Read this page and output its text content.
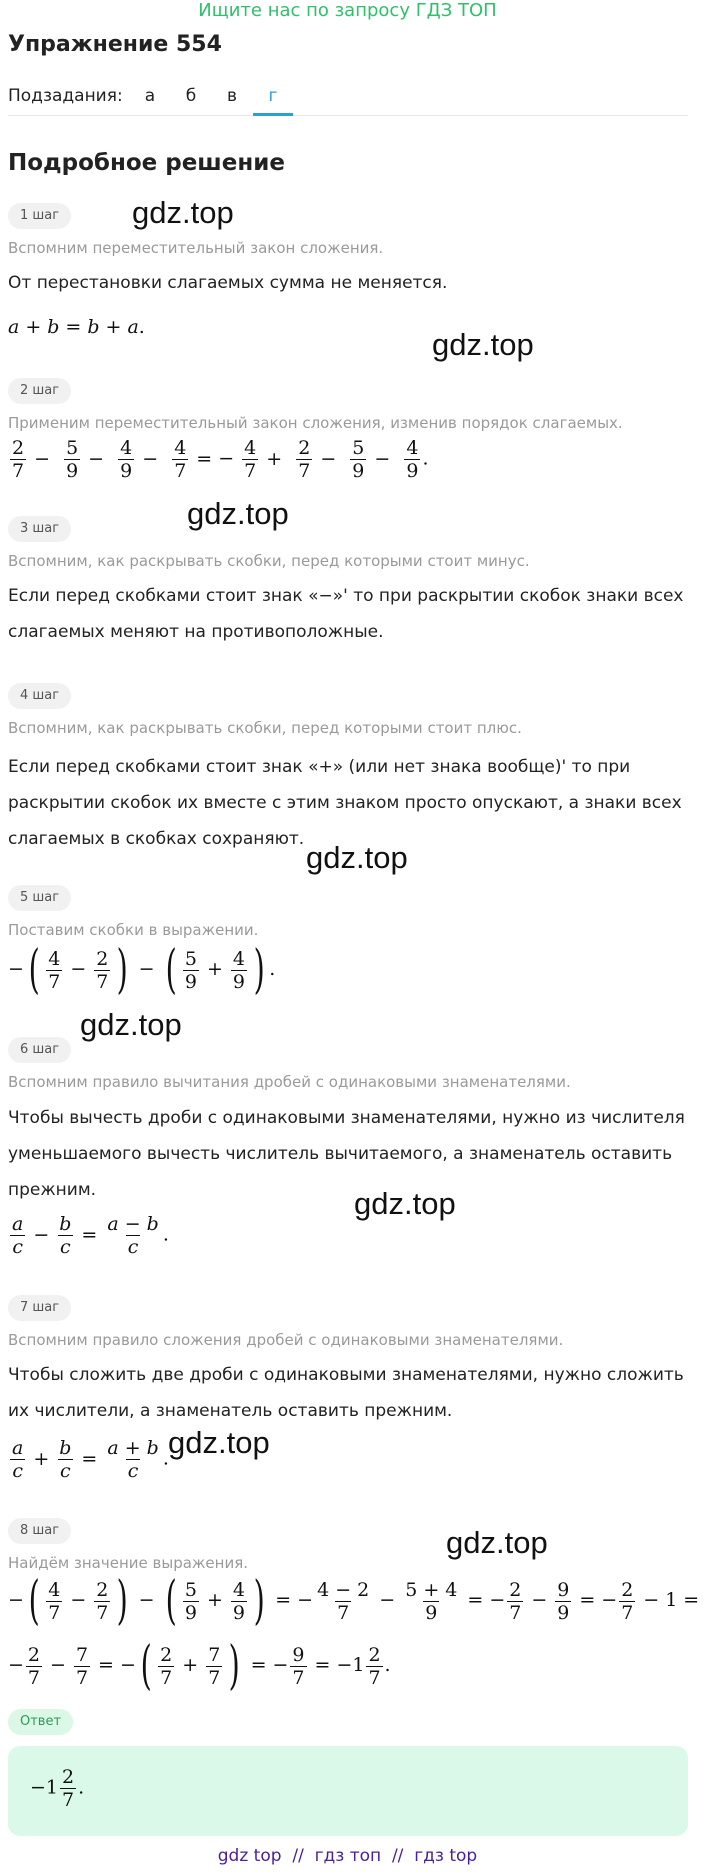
Ищите нас по запросу ГДЗ ТОП
Упражнение 554
Подзадания:	а	б	в	г
Подробное решение
1 шаг
Вспомним переместительный закон сложения.
От перестановки слагаемых сумма не меняется.
a + b = b + a.
2 шаг
Применим переместительный закон сложения, изменив порядок слагаемых.
$\frac{2}{7} - \frac{5}{9} - \frac{4}{9} - \frac{4}{7}$ = − $\frac{4}{7} + \frac{2}{7} - \frac{5}{9} - \frac{4}{9}$ .
3 шаг
Вспомним, как раскрывать скобки, перед которыми стоит минус.
Если перед скобками стоит знак «−»' то при раскрытии скобок знаки всех слагаемых меняют на противоположные.
4 шаг
Вспомним, как раскрывать скобки, перед которыми стоит плюс.
Если перед скобками стоит знак «+» (или нет знака вообще)' то при раскрытии скобок их вместе с этим знаком просто опускают, а знаки всех слагаемых в скобках сохраняют.
5 шаг
Поставим скобки в выражении.
−( $\frac{4}{7} - \frac{2}{7}$ ) − ( $\frac{5}{9} + \frac{4}{9}$ ) .
6 шаг
Вспомним правило вычитания дробей с одинаковыми знаменателями.
Чтобы вычесть дроби с одинаковыми знаменателями, нужно из числителя уменьшаемого вычесть числитель вычитаемого, а знаменатель оставить прежним.
$\frac{a}{c} - \frac{b}{c} = \frac{a - b}{c}$ .
7 шаг
Вспомним правило сложения дробей с одинаковыми знаменателями.
Чтобы сложить две дроби с одинаковыми знаменателями, нужно сложить их числители, а знаменатель оставить прежним.
$\frac{a}{c} + \frac{b}{c} = \frac{a + b}{c}$ .
8 шаг
Найдём значение выражения.
−( $\frac{4}{7} - \frac{2}{7}$ ) − ( $\frac{5}{9} + \frac{4}{9}$ ) = − $\frac{4 - 2}{7} - \frac{5 + 4}{9}$ = − $\frac{2}{7} - \frac{9}{9}$ = − $\frac{2}{7} - 1$ =
− $\frac{2}{7} - \frac{7}{7}$ = −( $\frac{2}{7} + \frac{7}{7}$ ) = − $\frac{9}{7} = -1 \frac{2}{7}$ .
Ответ
$-1 \frac{2}{7}$ .
gdz.top
gdz.top
gdz.top
gdz.top
gdz.top
gdz.top
gdz.top
gdz.top
gdz top  //  гдз топ  //  гдз top
